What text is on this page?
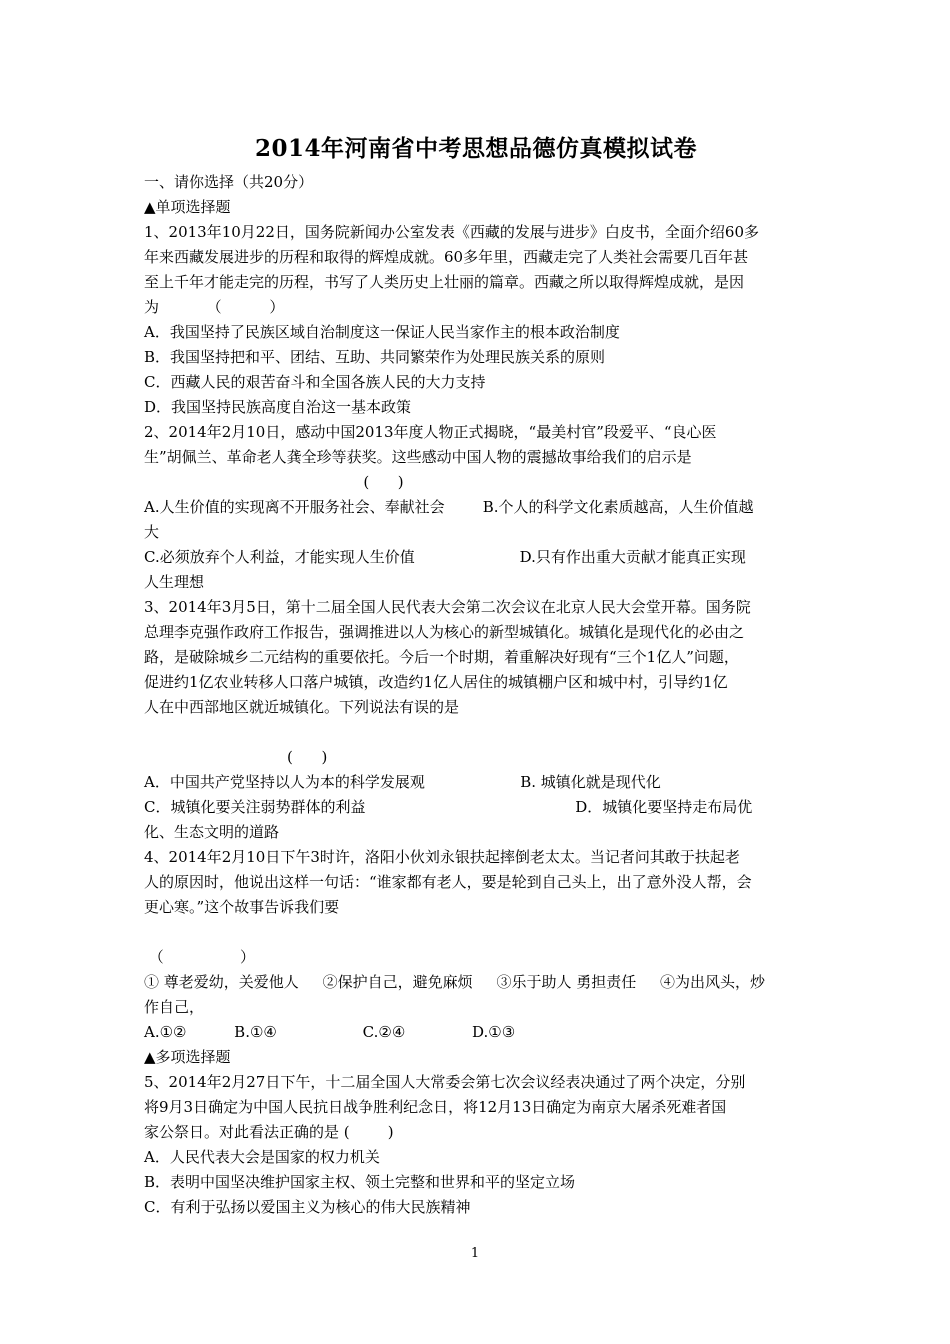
2014年河南省中考思想品德仿真模拟试卷
一、请你选择（共20分）
▲单项选择题
1、2013年10月22日，国务院新闻办公室发表《西藏的发展与进步》白皮书，全面介绍60多
年来西藏发展进步的历程和取得的辉煌成就。60多年里，西藏走完了人类社会需要几百年甚
至上千年才能走完的历程，书写了人类历史上壮丽的篇章。西藏之所以取得辉煌成就，是因
为          （          ）
A．我国坚持了民族区域自治制度这一保证人民当家作主的根本政治制度
B．我国坚持把和平、团结、互助、共同繁荣作为处理民族关系的原则
C．西藏人民的艰苦奋斗和全国各族人民的大力支持
D．我国坚持民族高度自治这一基本政策
2、2014年2月10日，感动中国2013年度人物正式揭晓，“最美村官”段爱平、“良心医
生”胡佩兰、革命老人龚全珍等获奖。这些感动中国人物的震撼故事给我们的启示是
(      )
A.人生价值的实现离不开服务社会、奉献社会        B.个人的科学文化素质越高，人生价值越
大
C.必须放弃个人利益，才能实现人生价值                      D.只有作出重大贡献才能真正实现
人生理想
3、2014年3月5日，第十二届全国人民代表大会第二次会议在北京人民大会堂开幕。国务院
总理李克强作政府工作报告，强调推进以人为核心的新型城镇化。城镇化是现代化的必由之
路，是破除城乡二元结构的重要依托。今后一个时期，着重解决好现有“三个1亿人”问题，
促进约1亿农业转移人口落户城镇，改造约1亿人居住的城镇棚户区和城中村，引导约1亿
人在中西部地区就近城镇化。下列说法有误的是
(      )
A．中国共产党坚持以人为本的科学发展观                    B. 城镇化就是现代化
C．城镇化要关注弱势群体的利益                                            D．城镇化要坚持走布局优
化、生态文明的道路
4、2014年2月10日下午3时许，洛阳小伙刘永银扶起摔倒老太太。当记者问其敢于扶起老
人的原因时，他说出这样一句话：“谁家都有老人，要是轮到自己头上，出了意外没人帮，会
更心寒。”这个故事告诉我们要
（                ）
① 尊老爱幼，关爱他人     ②保护自己，避免麻烦     ③乐于助人 勇担责任     ④为出风头，炒
作自己，
A.①②          B.①④                  C.②④              D.①③
▲多项选择题
5、2014年2月27日下午，十二届全国人大常委会第七次会议经表决通过了两个决定，分别
将9月3日确定为中国人民抗日战争胜利纪念日，将12月13日确定为南京大屠杀死难者国
家公祭日。对此看法正确的是 (        )
A．人民代表大会是国家的权力机关
B．表明中国坚决维护国家主权、领土完整和世界和平的坚定立场
C．有利于弘扬以爱国主义为核心的伟大民族精神
1
